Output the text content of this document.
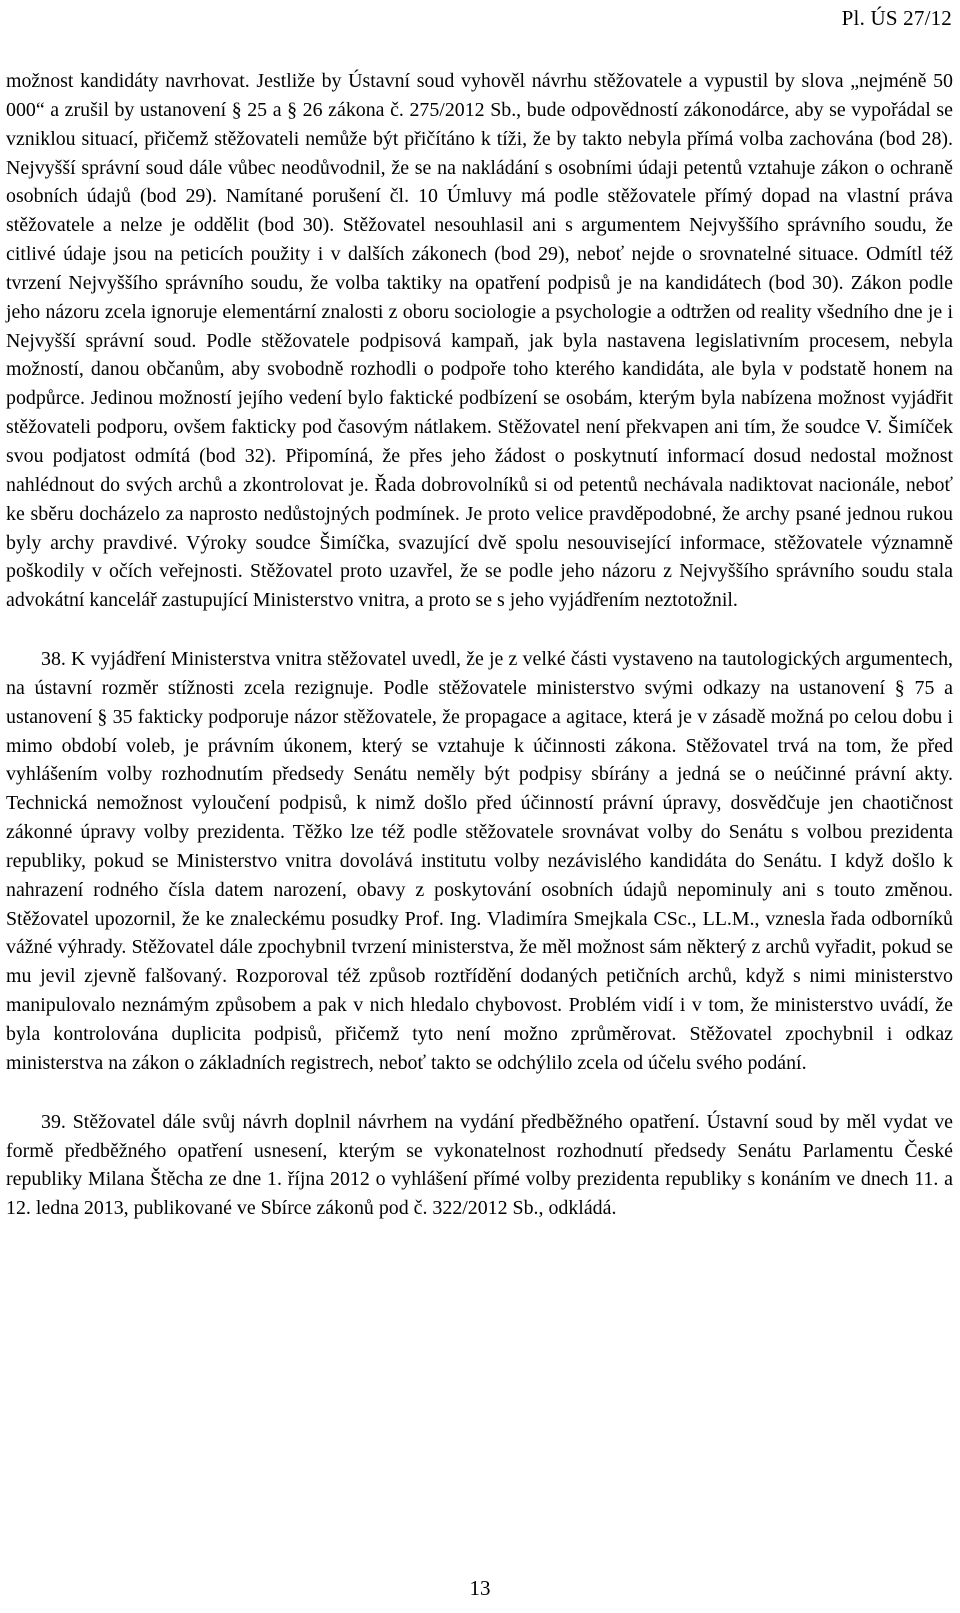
Pl. ÚS 27/12

možnost kandidáty navrhovat. Jestliže by Ústavní soud vyhověl návrhu stěžovatele a vypustil by slova „nejméně 50 000“ a zrušil by ustanovení § 25 a § 26 zákona č. 275/2012 Sb., bude odpovědností zákonodárce, aby se vypořádal se vzniklou situací, přičemž stěžovateli nemůže být přičítáno k tíži, že by takto nebyla přímá volba zachována (bod 28). Nejvyšší správní soud dále vůbec neodůvodnil, že se na nakládání s osobními údaji petentů vztahuje zákon o ochraně osobních údajů (bod 29). Namítané porušení čl. 10 Úmluvy má podle stěžovatele přímý dopad na vlastní práva stěžovatele a nelze je oddělit (bod 30). Stěžovatel nesouhlasil ani s argumentem Nejvyššího správního soudu, že citlivé údaje jsou na peticích použity i v dalších zákonech (bod 29), neboť nejde o srovnatelné situace. Odmítl též tvrzení Nejvyššího správního soudu, že volba taktiky na opatření podpisů je na kandidátech (bod 30). Zákon podle jeho názoru zcela ignoruje elementární znalosti z oboru sociologie a psychologie a odtržen od reality všedního dne je i Nejvyšší správní soud. Podle stěžovatele podpisová kampaň, jak byla nastavena legislativním procesem, nebyla možností, danou občanům, aby svobodně rozhodli o podpoře toho kterého kandidáta, ale byla v podstatě honem na podpůrce. Jedinou možností jejího vedení bylo faktické podbízení se osobám, kterým byla nabízena možnost vyjádřit stěžovateli podporu, ovšem fakticky pod časovým nátlakem. Stěžovatel není překvapen ani tím, že soudce V. Šimíček svou podjatost odmítá (bod 32). Připomíná, že přes jeho žádost o poskytnutí informací dosud nedostal možnost nahlédnout do svých archů a zkontrolovat je. Řada dobrovolníků si od petentů nechávala nadiktovat nacionále, neboť ke sběru docházelo za naprosto nedůstojných podmínek. Je proto velice pravděpodobné, že archy psané jednou rukou byly archy pravdivé. Výroky soudce Šimíčka, svazující dvě spolu nesouvisející informace, stěžovatele významně poškodily v očích veřejnosti. Stěžovatel proto uzavřel, že se podle jeho názoru z Nejvyššího správního soudu stala advokátní kancelář zastupující Ministerstvo vnitra, a proto se s jeho vyjádřením neztotožnil.

38. K vyjádření Ministerstva vnitra stěžovatel uvedl, že je z velké části vystaveno na tautologických argumentech, na ústavní rozměr stížnosti zcela rezignuje. Podle stěžovatele ministerstvo svými odkazy na ustanovení § 75 a ustanovení § 35 fakticky podporuje názor stěžovatele, že propagace a agitace, která je v zásadě možná po celou dobu i mimo období voleb, je právním úkonem, který se vztahuje k účinnosti zákona. Stěžovatel trvá na tom, že před vyhlášením volby rozhodnutím předsedy Senátu neměly být podpisy sbírány a jedná se o neúčinné právní akty. Technická nemožnost vyloučení podpisů, k nimž došlo před účinností právní úpravy, dosvědčuje jen chaotičnost zákonné úpravy volby prezidenta. Těžko lze též podle stěžovatele srovnávat volby do Senátu s volbou prezidenta republiky, pokud se Ministerstvo vnitra dovolává institutu volby nezávislého kandidáta do Senátu. I když došlo k nahrazení rodného čísla datem narození, obavy z poskytování osobních údajů nepominuly ani s touto změnou. Stěžovatel upozornil, že ke znaleckému posudky Prof. Ing. Vladimíra Smejkala CSc., LL.M., vznesla řada odborníků vážné výhrady. Stěžovatel dále zpochybnil tvrzení ministerstva, že měl možnost sám některý z archů vyřadit, pokud se mu jevil zjevně falšovaný. Rozporoval též způsob roztřídění dodaných petičních archů, když s nimi ministerstvo manipulovalo neznámým způsobem a pak v nich hledalo chybovost. Problém vidí i v tom, že ministerstvo uvádí, že byla kontrolována duplicita podpisů, přičemž tyto není možno zprůměrovat. Stěžovatel zpochybnil i odkaz ministerstva na zákon o základních registrech, neboť takto se odchýlilo zcela od účelu svého podání.

39. Stěžovatel dále svůj návrh doplnil návrhem na vydání předběžného opatření. Ústavní soud by měl vydat ve formě předběžného opatření usnesení, kterým se vykonatelnost rozhodnutí předsedy Senátu Parlamentu České republiky Milana Štěcha ze dne 1. října 2012 o vyhlášení přímé volby prezidenta republiky s konáním ve dnech 11. a 12. ledna 2013, publikované ve Sbírce zákonů pod č. 322/2012 Sb., odkládá.

13
